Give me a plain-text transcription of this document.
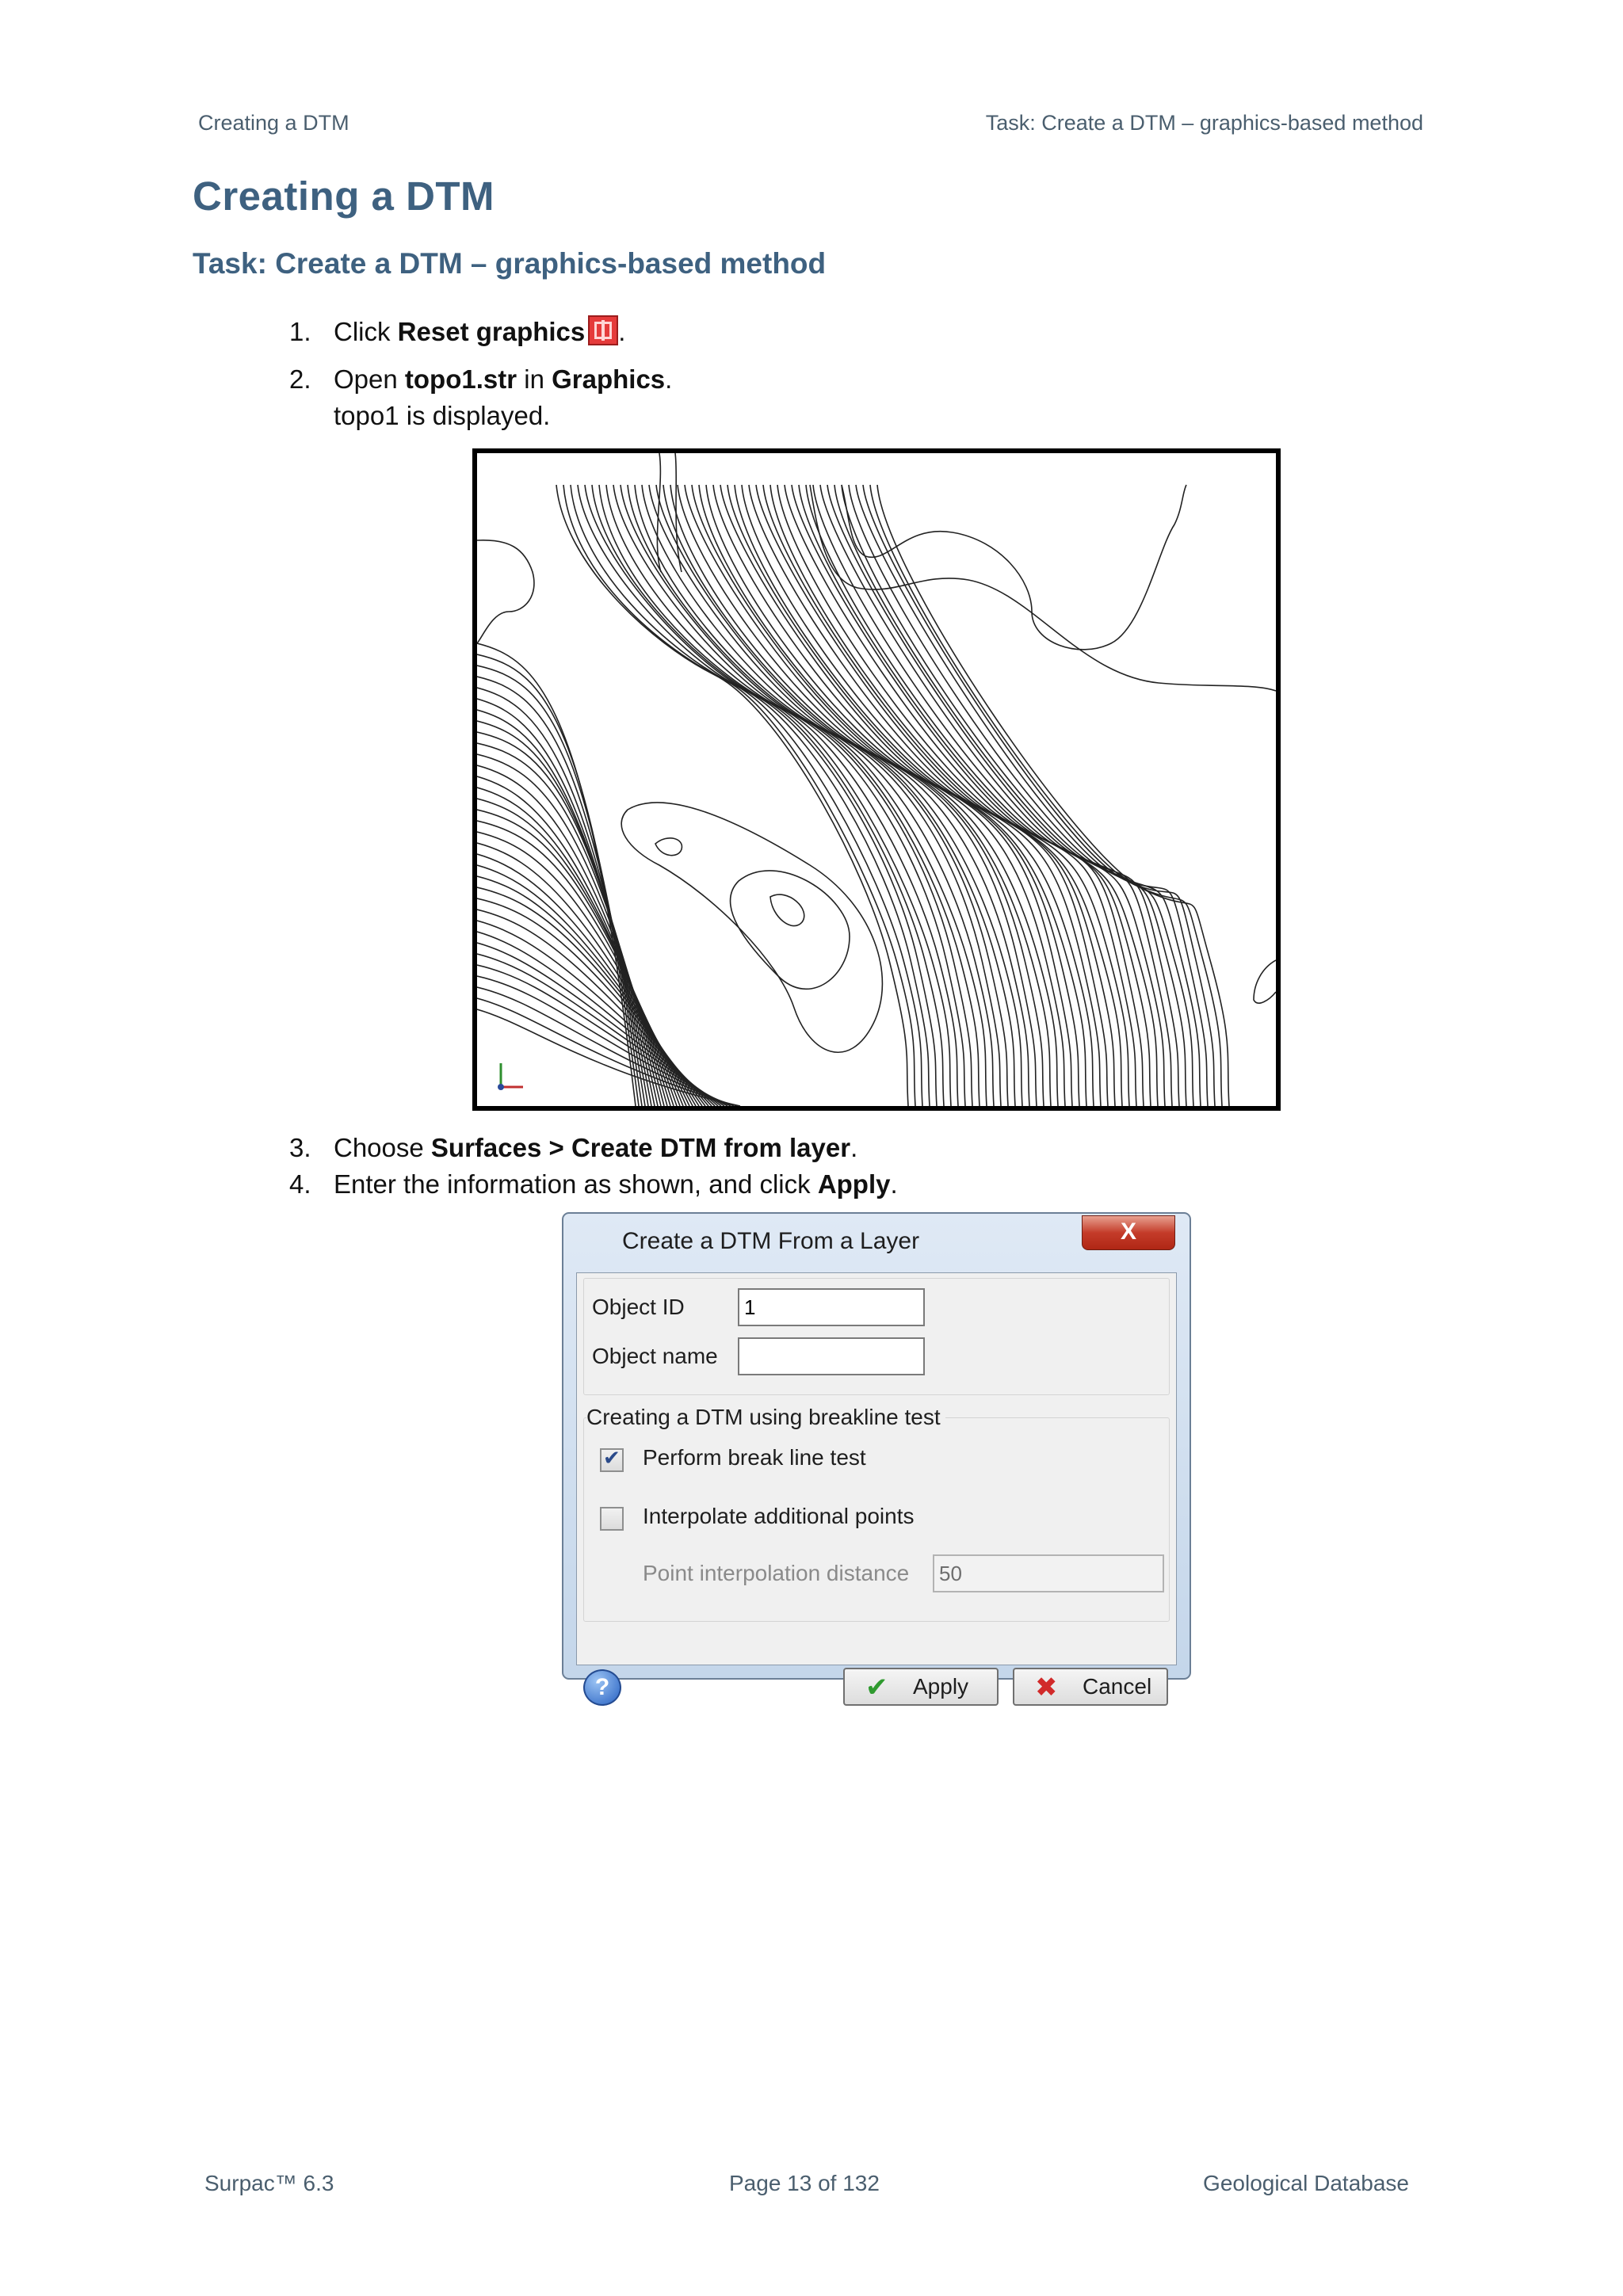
Creating a DTM	Task: Create a DTM – graphics-based method
Creating a DTM
Task: Create a DTM – graphics-based method
1. Click Reset graphics .
2. Open topo1.str in Graphics.
topo1 is displayed.
3. Choose Surfaces > Create DTM from layer.
4. Enter the information as shown, and click Apply.
Create a DTM From a Layer	X
Object ID	1
Object name
✔
Perform break line test
Interpolate additional points
Point interpolation distance	50
Creating a DTM using breakline test
?	✔ Apply ✖ Cancel
Surpac™ 6.3	Page 13 of 132	Geological Database
